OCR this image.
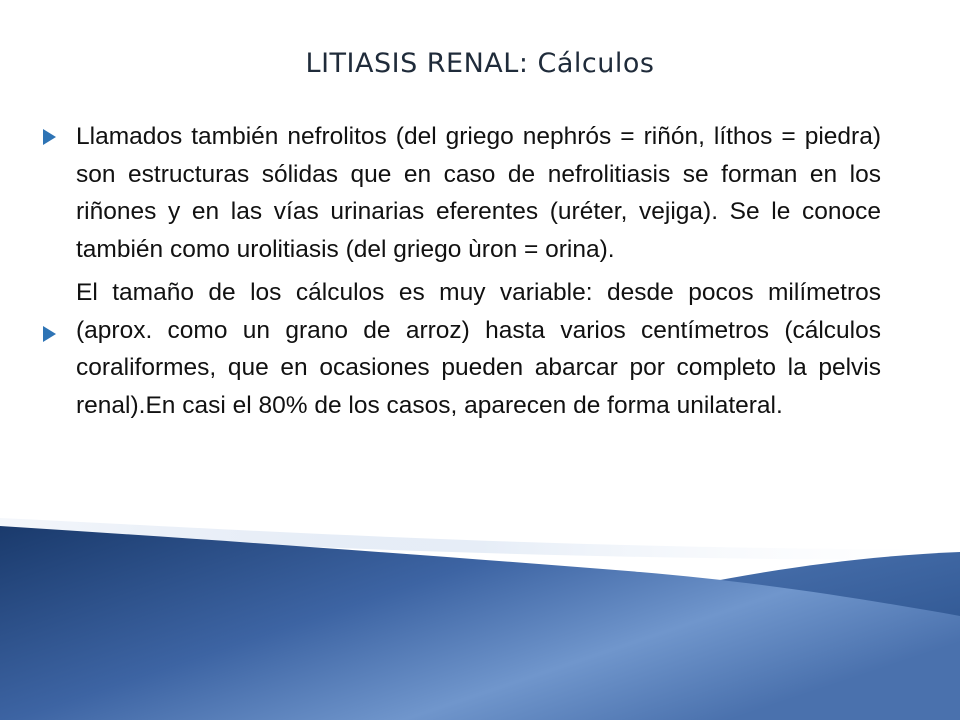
LITIASIS RENAL: Cálculos

Llamados también nefrolitos (del griego nephrós = riñón, líthos = piedra) son estructuras sólidas que en caso de nefrolitiasis se forman en los riñones y en las vías urinarias eferentes (uréter, vejiga). Se le conoce también como urolitiasis (del griego ùron = orina).

El tamaño de los cálculos es muy variable: desde pocos milímetros (aprox. como un grano de arroz) hasta varios centímetros (cálculos coraliformes, que en ocasiones pueden abarcar por completo la pelvis renal).En casi el 80% de los casos, aparecen de forma unilateral.
